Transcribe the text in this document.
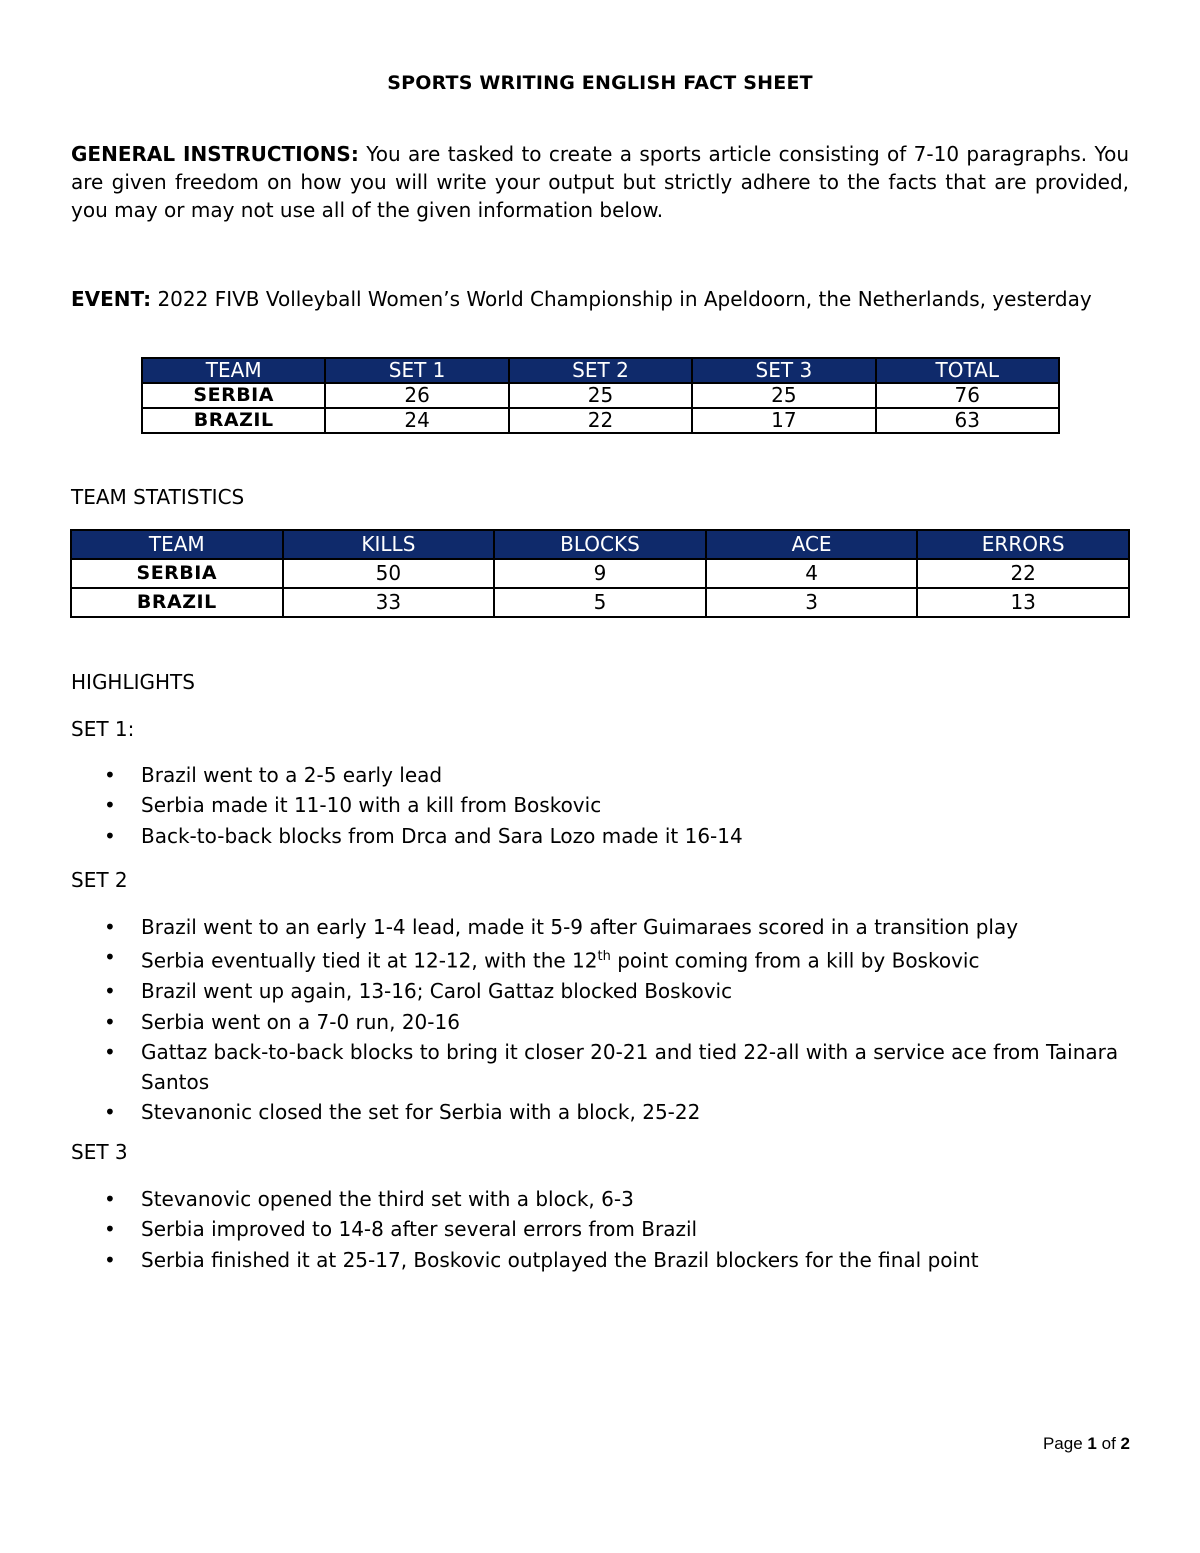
SPORTS WRITING ENGLISH FACT SHEET
GENERAL INSTRUCTIONS: You are tasked to create a sports article consisting of 7-10 paragraphs. You are given freedom on how you will write your output but strictly adhere to the facts that are provided, you may or may not use all of the given information below.
EVENT: 2022 FIVB Volleyball Women’s World Championship in Apeldoorn, the Netherlands, yesterday
TEAM	SET 1	SET 2	SET 3	TOTAL
SERBIA	26	25	25	76
BRAZIL	24	22	17	63
TEAM STATISTICS
TEAM	KILLS	BLOCKS	ACE	ERRORS
SERBIA	50	9	4	22
BRAZIL	33	5	3	13
HIGHLIGHTS
SET 1:
• Brazil went to a 2-5 early lead
• Serbia made it 11-10 with a kill from Boskovic
• Back-to-back blocks from Drca and Sara Lozo made it 16-14
SET 2
• Brazil went to an early 1-4 lead, made it 5-9 after Guimaraes scored in a transition play
• Serbia eventually tied it at 12-12, with the 12th point coming from a kill by Boskovic
• Brazil went up again, 13-16; Carol Gattaz blocked Boskovic
• Serbia went on a 7-0 run, 20-16
• Gattaz back-to-back blocks to bring it closer 20-21 and tied 22-all with a service ace from Tainara Santos
• Stevanonic closed the set for Serbia with a block, 25-22
SET 3
• Stevanovic opened the third set with a block, 6-3
• Serbia improved to 14-8 after several errors from Brazil
• Serbia finished it at 25-17, Boskovic outplayed the Brazil blockers for the final point
Page 1 of 2
